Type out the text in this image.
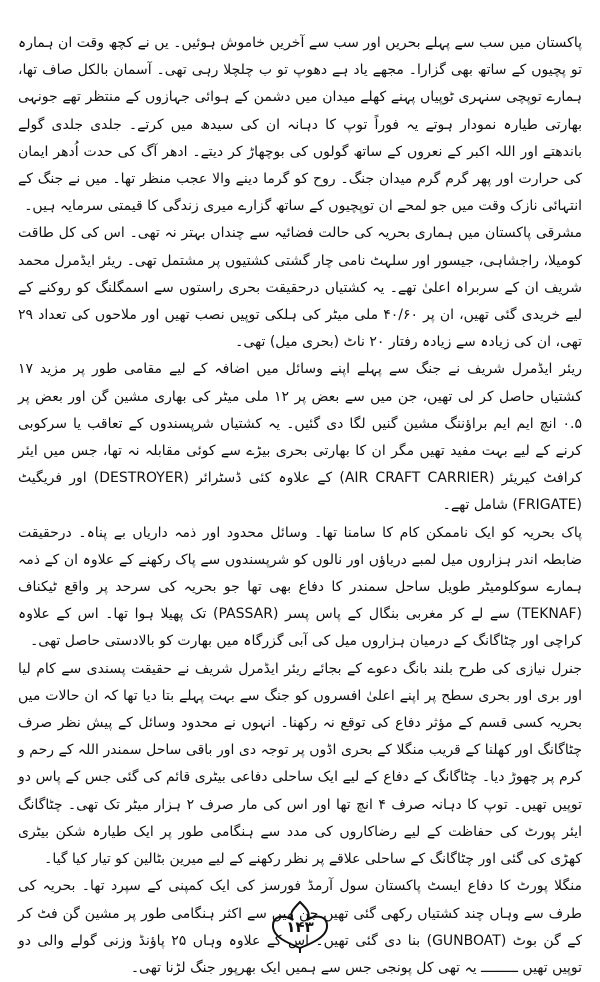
پاکستان میں سب سے پہلے بحریں اور سب سے آخریں خاموش ہوئیں۔ یں نے کچھ وقت ان ہمارہ تو پچیوں کے ساتھ بھی گزارا۔ مجھے یاد ہے دھوپ تو ب چلچلا رہی تھی۔ آسمان بالکل صاف تھا، ہمارے توپچی سنہری ٹوپیاں پہنے کھلے میدان میں دشمن کے ہوائی جہازوں کے منتظر تھے جونہی بھارتی طیارہ نمودار ہوتے یہ فوراً توپ کا دہانہ ان کی سیدھ میں کرتے۔ جلدی جلدی گولے باندھتے اور اللہ اکبر کے نعروں کے ساتھ گولوں کی بوچھاڑ کر دیتے۔ ادھر آگ کی حدت اُدھر ایمان کی حرارت اور پھر گرم گرم میدان جنگ۔ روح کو گرما دینے والا عجب منظر تھا۔ میں نے جنگ کے انتہائی نازک وقت میں جو لمحے ان توپچیوں کے ساتھ گزارے میری زندگی کا قیمتی سرمایہ ہیں۔

مشرقی پاکستان میں ہماری بحریہ کی حالت فضائیہ سے چنداں بہتر نہ تھی۔ اس کی کل طاقت کومیلا، راجشاہی، جیسور اور سلہٹ نامی چار گشتی کشتیوں پر مشتمل تھی۔ ریئر ایڈمرل محمد شریف ان کے سربراہ اعلیٰ تھے۔ یہ کشتیاں درحقیقت بحری راستوں سے اسمگلنگ کو روکنے کے لیے خریدی گئی تھیں، ان پر ۴۰/۶۰ ملی میٹر کی ہلکی توپیں نصب تھیں اور ملاحوں کی تعداد ۲۹ تھی، ان کی زیادہ سے زیادہ رفتار ۲۰ ناٹ (بحری میل) تھی۔

ریئر ایڈمرل شریف نے جنگ سے پہلے اپنے وسائل میں اضافہ کے لیے مقامی طور پر مزید ۱۷ کشتیاں حاصل کر لی تھیں، جن میں سے بعض پر ۱۲ ملی میٹر کی بھاری مشین گن اور بعض پر ۰.۵ انچ ایم ایم براؤننگ مشین گنیں لگا دی گئیں۔ یہ کشتیاں شرپسندوں کے تعاقب یا سرکوبی کرنے کے لیے بہت مفید تھیں مگر ان کا بھارتی بحری بیڑے سے کوئی مقابلہ نہ تھا، جس میں ایئر کرافٹ کیریئر (AIR CRAFT CARRIER) کے علاوہ کئی ڈسٹرائر (DESTROYER) اور فریگیٹ (FRIGATE) شامل تھے۔

پاک بحریہ کو ایک ناممکن کام کا سامنا تھا۔ وسائل محدود اور ذمہ داریاں بے پناہ۔ درحقیقت ضابطہ اندر ہزاروں میل لمبے دریاؤں اور نالوں کو شرپسندوں سے پاک رکھنے کے علاوہ ان کے ذمہ ہمارے سوکلومیٹر طویل ساحل سمندر کا دفاع بھی تھا جو بحریہ کی سرحد پر واقع ٹیکناف (TEKNAF) سے لے کر مغربی بنگال کے پاس پسر (PASSAR) تک پھیلا ہوا تھا۔ اس کے علاوہ کراچی اور چٹاگانگ کے درمیان ہزاروں میل کی آبی گزرگاہ میں بھارت کو بالادستی حاصل تھی۔

جنرل نیازی کی طرح بلند بانگ دعوے کے بجائے ریئر ایڈمرل شریف نے حقیقت پسندی سے کام لیا اور بری اور بحری سطح پر اپنے اعلیٰ افسروں کو جنگ سے بہت پہلے بتا دیا تھا کہ ان حالات میں بحریہ کسی قسم کے مؤثر دفاع کی توقع نہ رکھنا۔ انہوں نے محدود وسائل کے پیش نظر صرف چٹاگانگ اور کھلنا کے قریب منگلا کے بحری اڈوں پر توجہ دی اور باقی ساحل سمندر اللہ کے رحم و کرم پر چھوڑ دیا۔ چٹاگانگ کے دفاع کے لیے ایک ساحلی دفاعی بیٹری قائم کی گئی جس کے پاس دو توپیں تھیں۔ توپ کا دہانہ صرف ۴ انچ تھا اور اس کی مار صرف ۲ ہزار میٹر تک تھی۔ چٹاگانگ ایئر پورٹ کی حفاظت کے لیے رضاکاروں کی مدد سے ہنگامی طور پر ایک طیارہ شکن بیٹری کھڑی کی گئی اور چٹاگانگ کے ساحلی علاقے پر نظر رکھنے کے لیے میرین بٹالین کو تیار کیا گیا۔

منگلا پورٹ کا دفاع ایسٹ پاکستان سول آرمڈ فورسز کی ایک کمپنی کے سپرد تھا۔ بحریہ کی طرف سے وہاں چند کشتیاں رکھی گئی تھیں جن میں سے اکثر ہنگامی طور پر مشین گن فٹ کر کے گن بوٹ (GUNBOAT) بنا دی گئی تھیں۔ اس کے علاوہ وہاں ۲۵ پاؤنڈ وزنی گولے والی دو توپیں تھیں ـــــــــ یہ تھی کل پونجی جس سے ہمیں ایک بھرپور جنگ لڑنا تھی۔

۱۴۳
